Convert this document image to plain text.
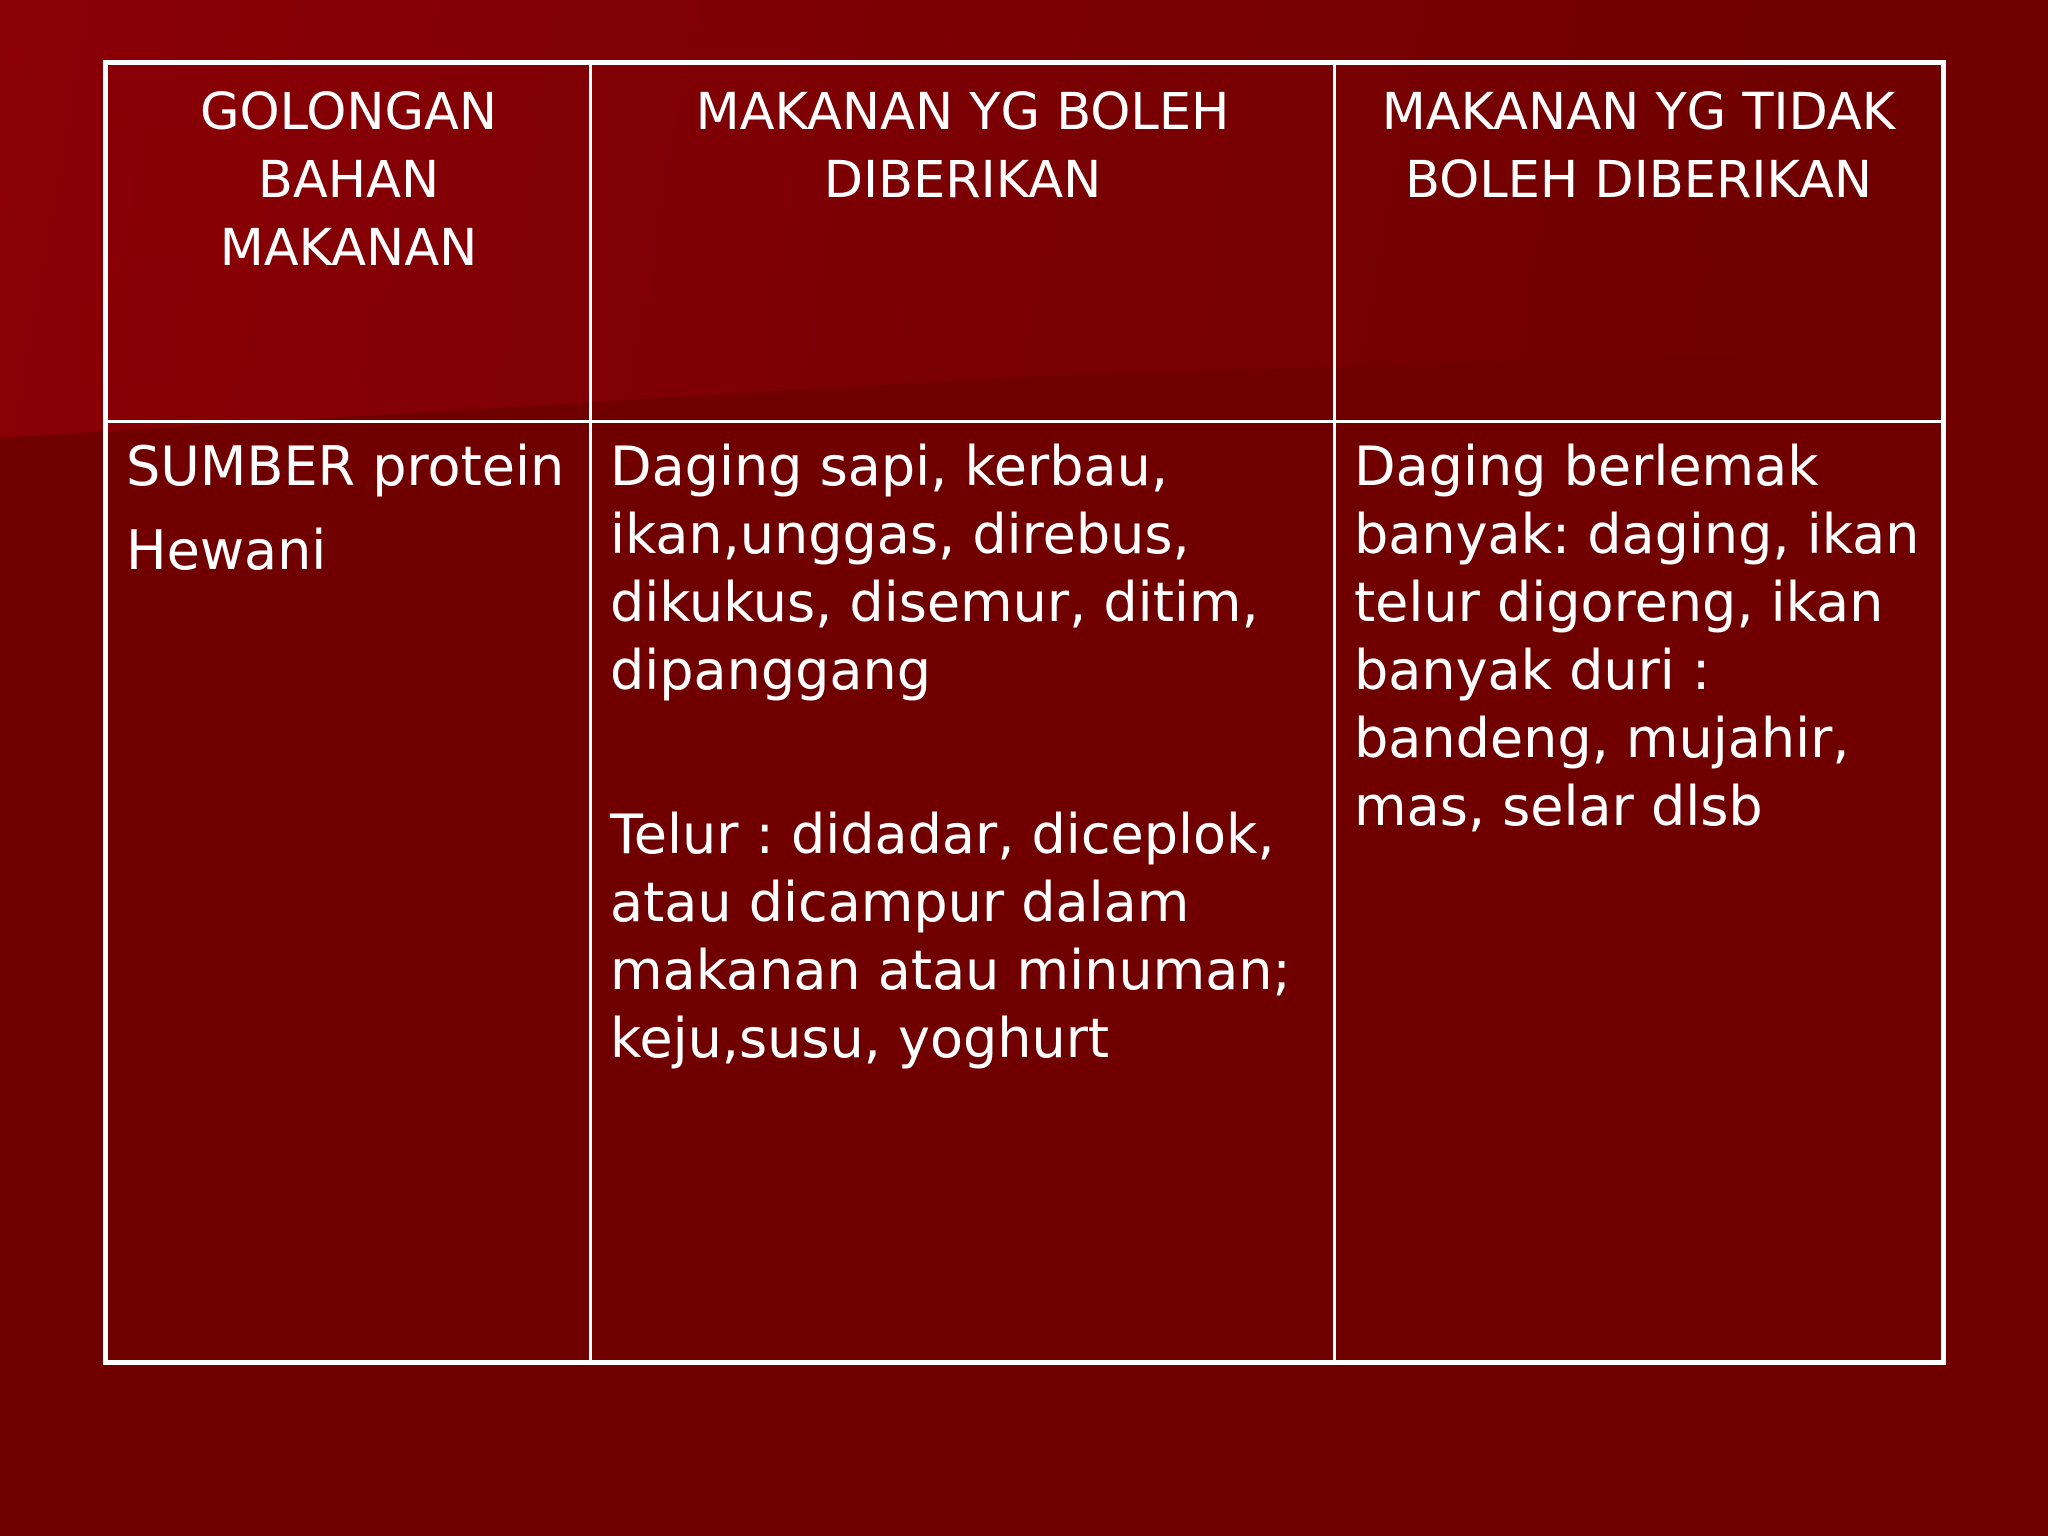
GOLONGAN
BAHAN
MAKANAN
MAKANAN YG BOLEH
DIBERIKAN
MAKANAN YG TIDAK
BOLEH DIBERIKAN
SUMBER protein
Hewani
Daging sapi, kerbau,
ikan,unggas, direbus,
dikukus, disemur, ditim,
dipanggang
Telur : didadar, diceplok,
atau dicampur dalam
makanan atau minuman;
keju,susu, yoghurt
Daging berlemak
banyak: daging, ikan
telur digoreng, ikan
banyak duri :
bandeng, mujahir,
mas, selar dlsb
